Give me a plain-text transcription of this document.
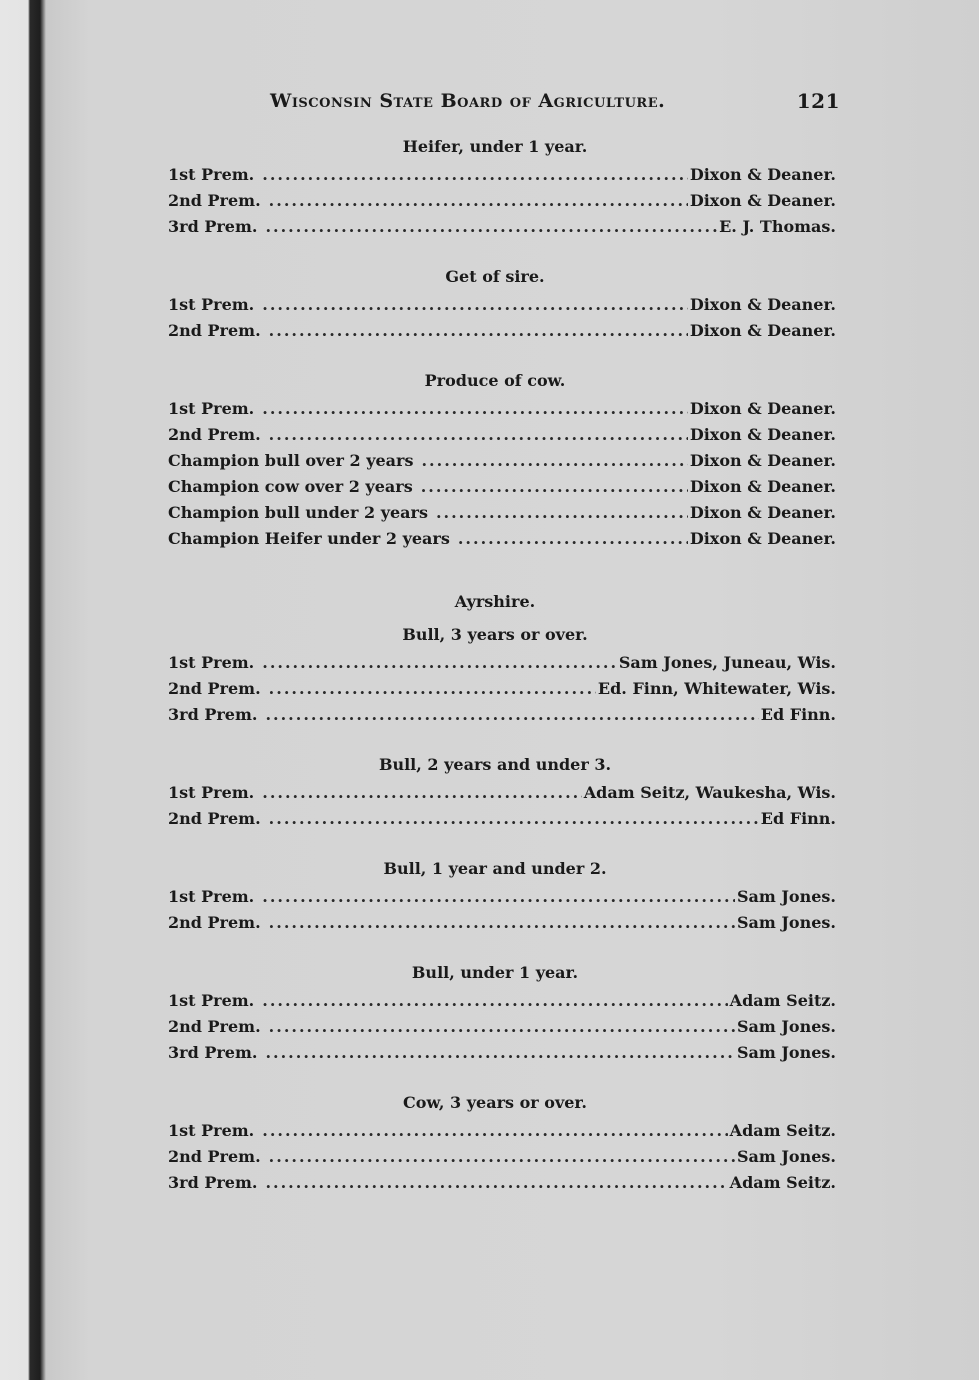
Wisconsin State Board of Agriculture.	121
Heifer, under 1 year.
1st Prem. .....	Dixon & Deaner.
2nd Prem. .....	Dixon & Deaner.
3rd Prem. .....	E. J. Thomas.
Get of sire.
1st Prem. .....	Dixon & Deaner.
2nd Prem. .....	Dixon & Deaner.
Produce of cow.
1st Prem. .....	Dixon & Deaner.
2nd Prem. .....	Dixon & Deaner.
Champion bull over 2 years .....	Dixon & Deaner.
Champion cow over 2 years .....	Dixon & Deaner.
Champion bull under 2 years .....	Dixon & Deaner.
Champion Heifer under 2 years .....	Dixon & Deaner.
Ayrshire.
Bull, 3 years or over.
1st Prem. .....	Sam Jones, Juneau, Wis.
2nd Prem. .....	Ed. Finn, Whitewater, Wis.
3rd Prem. .....	Ed Finn.
Bull, 2 years and under 3.
1st Prem. .....	Adam Seitz, Waukesha, Wis.
2nd Prem. .....	Ed Finn.
Bull, 1 year and under 2.
1st Prem. .....	Sam Jones.
2nd Prem. .....	Sam Jones.
Bull, under 1 year.
1st Prem. .....	Adam Seitz.
2nd Prem. .....	Sam Jones.
3rd Prem. .....	Sam Jones.
Cow, 3 years or over.
1st Prem. .....	Adam Seitz.
2nd Prem. .....	Sam Jones.
3rd Prem. .....	Adam Seitz.
